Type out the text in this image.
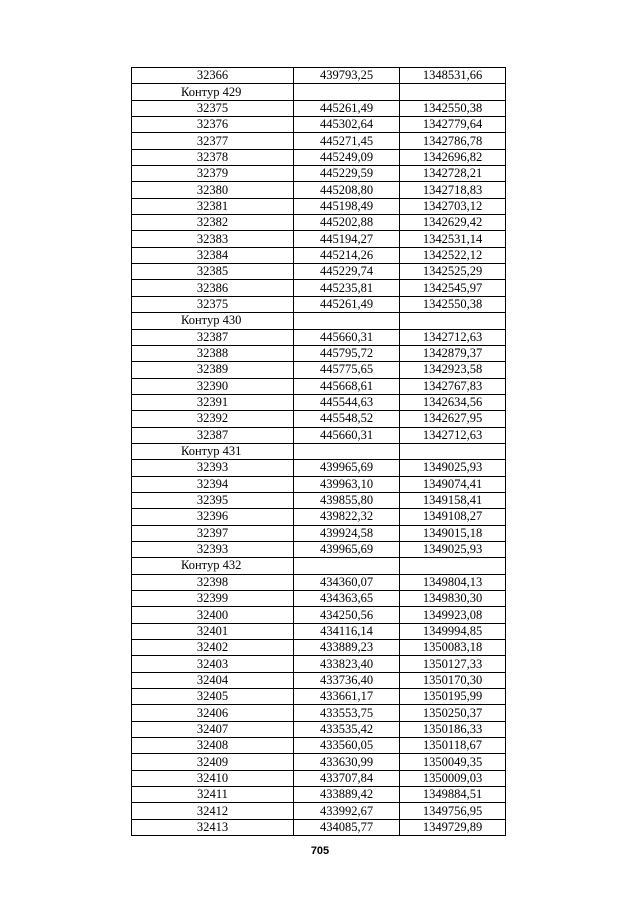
32366	439793,25	1348531,66
Контур 429		
32375	445261,49	1342550,38
32376	445302,64	1342779,64
32377	445271,45	1342786,78
32378	445249,09	1342696,82
32379	445229,59	1342728,21
32380	445208,80	1342718,83
32381	445198,49	1342703,12
32382	445202,88	1342629,42
32383	445194,27	1342531,14
32384	445214,26	1342522,12
32385	445229,74	1342525,29
32386	445235,81	1342545,97
32375	445261,49	1342550,38
Контур 430		
32387	445660,31	1342712,63
32388	445795,72	1342879,37
32389	445775,65	1342923,58
32390	445668,61	1342767,83
32391	445544,63	1342634,56
32392	445548,52	1342627,95
32387	445660,31	1342712,63
Контур 431		
32393	439965,69	1349025,93
32394	439963,10	1349074,41
32395	439855,80	1349158,41
32396	439822,32	1349108,27
32397	439924,58	1349015,18
32393	439965,69	1349025,93
Контур 432		
32398	434360,07	1349804,13
32399	434363,65	1349830,30
32400	434250,56	1349923,08
32401	434116,14	1349994,85
32402	433889,23	1350083,18
32403	433823,40	1350127,33
32404	433736,40	1350170,30
32405	433661,17	1350195,99
32406	433553,75	1350250,37
32407	433535,42	1350186,33
32408	433560,05	1350118,67
32409	433630,99	1350049,35
32410	433707,84	1350009,03
32411	433889,42	1349884,51
32412	433992,67	1349756,95
32413	434085,77	1349729,89
705
